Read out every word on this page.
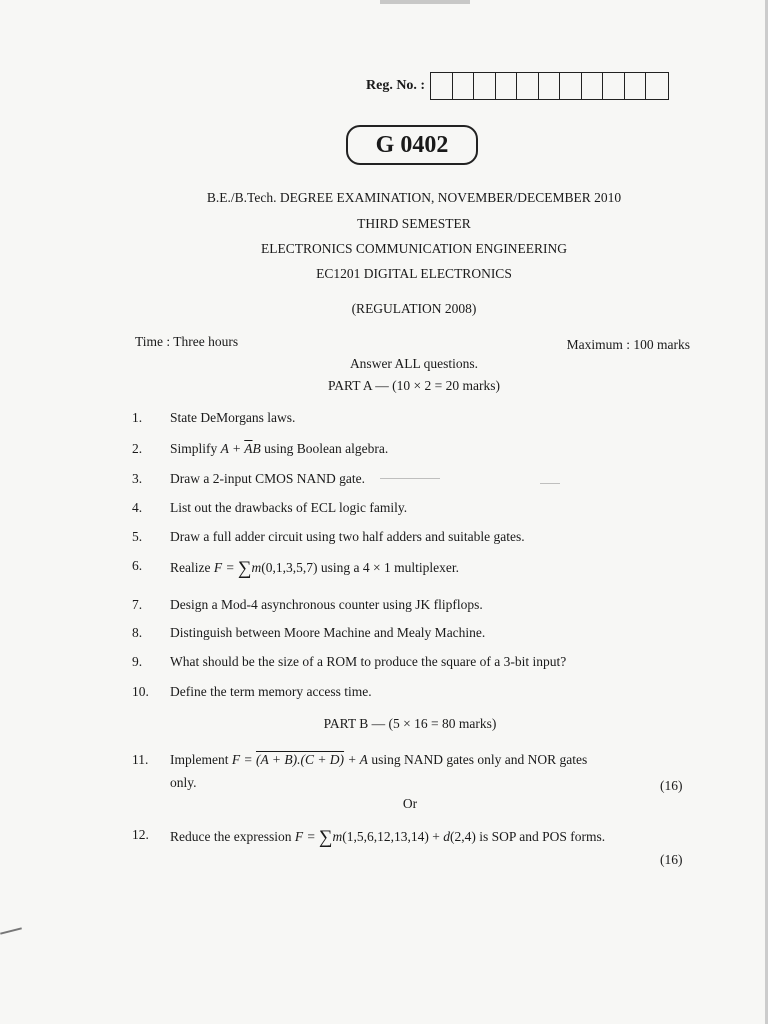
Reg. No. :
G 0402
B.E./B.Tech. DEGREE EXAMINATION, NOVEMBER/DECEMBER 2010
THIRD SEMESTER
ELECTRONICS COMMUNICATION ENGINEERING
EC1201 DIGITAL ELECTRONICS
(REGULATION 2008)
Time : Three hours	Maximum : 100 marks
Answer ALL questions.
PART A — (10 × 2 = 20 marks)
1.	State DeMorgans laws.
2.	Simplify $A + \overline{A}B$ using Boolean algebra.
3.	Draw a 2-input CMOS NAND gate.
4.	List out the drawbacks of ECL logic family.
5.	Draw a full adder circuit using two half adders and suitable gates.
6.	Realize F = ∑m(0,1,3,5,7) using a 4 × 1 multiplexer.
7.	Design a Mod-4 asynchronous counter using JK flipflops.
8.	Distinguish between Moore Machine and Mealy Machine.
9.	What should be the size of a ROM to produce the square of a 3-bit input?
10.	Define the term memory access time.
PART B — (5 × 16 = 80 marks)
11.	Implement F = (A + B).(C + D) + A using NAND gates only and NOR gates
only.	(16)
Or
12.	Reduce the expression F = ∑m(1,5,6,12,13,14) + d(2,4) is SOP and POS forms.
(16)
